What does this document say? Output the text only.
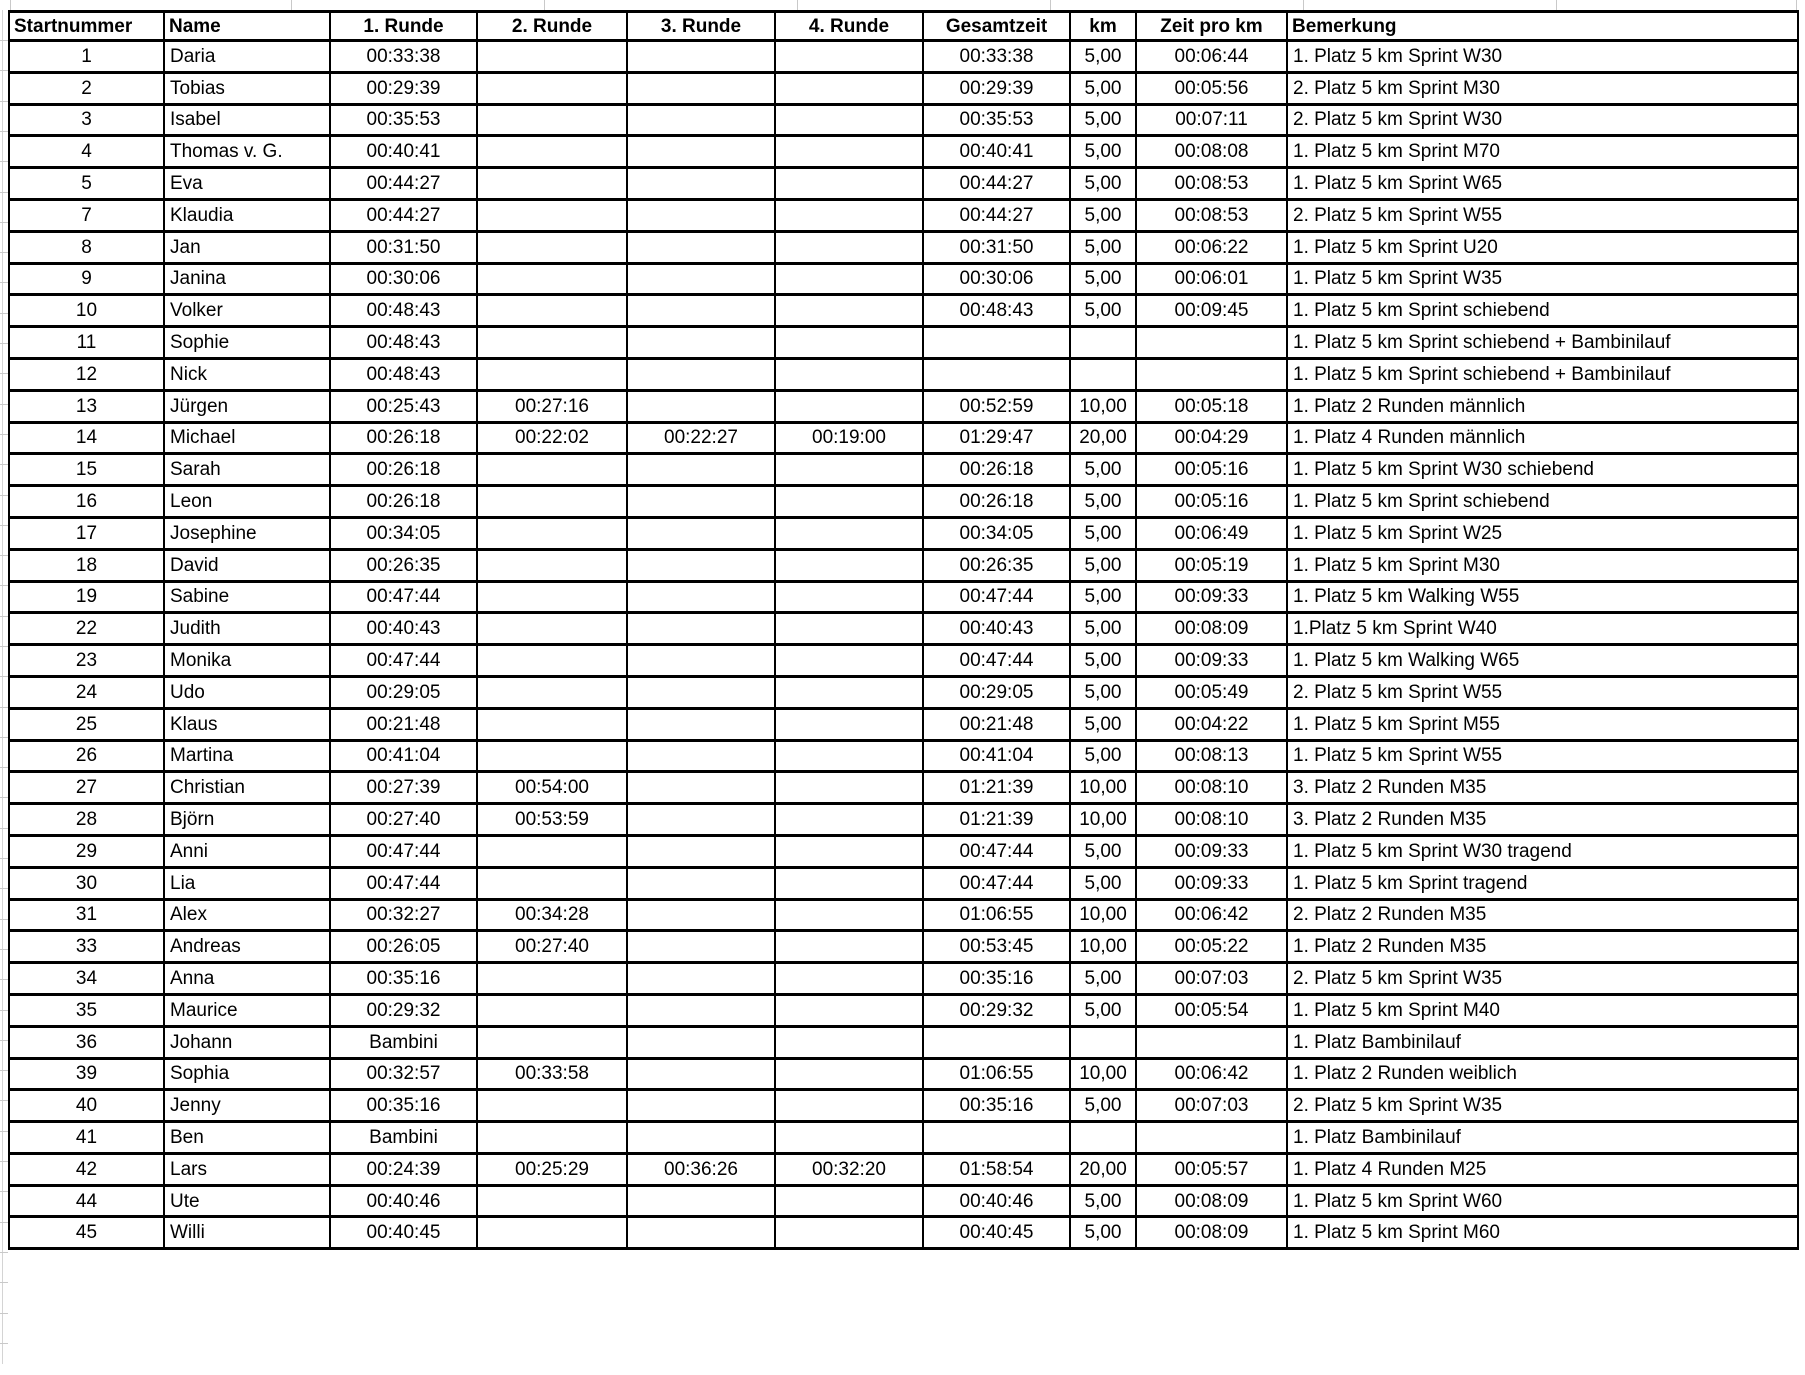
Startnummer	Name	1. Runde	2. Runde	3. Runde	4. Runde	Gesamtzeit	km	Zeit pro km	Bemerkung
1	Daria	00:33:38				00:33:38	5,00	00:06:44	1. Platz 5 km Sprint W30
2	Tobias	00:29:39				00:29:39	5,00	00:05:56	2. Platz 5 km Sprint M30
3	Isabel	00:35:53				00:35:53	5,00	00:07:11	2. Platz 5 km Sprint W30
4	Thomas v. G.	00:40:41				00:40:41	5,00	00:08:08	1. Platz 5 km Sprint M70
5	Eva	00:44:27				00:44:27	5,00	00:08:53	1. Platz 5 km Sprint W65
7	Klaudia	00:44:27				00:44:27	5,00	00:08:53	2. Platz 5 km Sprint W55
8	Jan	00:31:50				00:31:50	5,00	00:06:22	1. Platz 5 km Sprint U20
9	Janina	00:30:06				00:30:06	5,00	00:06:01	1. Platz 5 km Sprint W35
10	Volker	00:48:43				00:48:43	5,00	00:09:45	1. Platz 5 km Sprint schiebend
11	Sophie	00:48:43							1. Platz 5 km Sprint schiebend + Bambinilauf
12	Nick	00:48:43							1. Platz 5 km Sprint schiebend + Bambinilauf
13	Jürgen	00:25:43	00:27:16			00:52:59	10,00	00:05:18	1. Platz 2 Runden männlich
14	Michael	00:26:18	00:22:02	00:22:27	00:19:00	01:29:47	20,00	00:04:29	1. Platz 4 Runden männlich
15	Sarah	00:26:18				00:26:18	5,00	00:05:16	1. Platz 5 km Sprint W30 schiebend
16	Leon	00:26:18				00:26:18	5,00	00:05:16	1. Platz 5 km Sprint schiebend
17	Josephine	00:34:05				00:34:05	5,00	00:06:49	1. Platz 5 km Sprint W25
18	David	00:26:35				00:26:35	5,00	00:05:19	1. Platz 5 km Sprint M30
19	Sabine	00:47:44				00:47:44	5,00	00:09:33	1. Platz 5 km Walking W55
22	Judith	00:40:43				00:40:43	5,00	00:08:09	1.Platz 5 km Sprint W40
23	Monika	00:47:44				00:47:44	5,00	00:09:33	1. Platz 5 km Walking W65
24	Udo	00:29:05				00:29:05	5,00	00:05:49	2. Platz 5 km Sprint W55
25	Klaus	00:21:48				00:21:48	5,00	00:04:22	1. Platz 5 km Sprint M55
26	Martina	00:41:04				00:41:04	5,00	00:08:13	1. Platz 5 km Sprint W55
27	Christian	00:27:39	00:54:00			01:21:39	10,00	00:08:10	3. Platz 2 Runden M35
28	Björn	00:27:40	00:53:59			01:21:39	10,00	00:08:10	3. Platz 2 Runden M35
29	Anni	00:47:44				00:47:44	5,00	00:09:33	1. Platz 5 km Sprint W30 tragend
30	Lia	00:47:44				00:47:44	5,00	00:09:33	1. Platz 5 km Sprint tragend
31	Alex	00:32:27	00:34:28			01:06:55	10,00	00:06:42	2. Platz 2 Runden M35
33	Andreas	00:26:05	00:27:40			00:53:45	10,00	00:05:22	1. Platz 2 Runden M35
34	Anna	00:35:16				00:35:16	5,00	00:07:03	2. Platz 5 km Sprint W35
35	Maurice	00:29:32				00:29:32	5,00	00:05:54	1. Platz 5 km Sprint M40
36	Johann	Bambini							1. Platz Bambinilauf
39	Sophia	00:32:57	00:33:58			01:06:55	10,00	00:06:42	1. Platz 2 Runden weiblich
40	Jenny	00:35:16				00:35:16	5,00	00:07:03	2. Platz 5 km Sprint W35
41	Ben	Bambini							1. Platz Bambinilauf
42	Lars	00:24:39	00:25:29	00:36:26	00:32:20	01:58:54	20,00	00:05:57	1. Platz 4 Runden M25
44	Ute	00:40:46				00:40:46	5,00	00:08:09	1. Platz 5 km Sprint W60
45	Willi	00:40:45				00:40:45	5,00	00:08:09	1. Platz 5 km Sprint M60
